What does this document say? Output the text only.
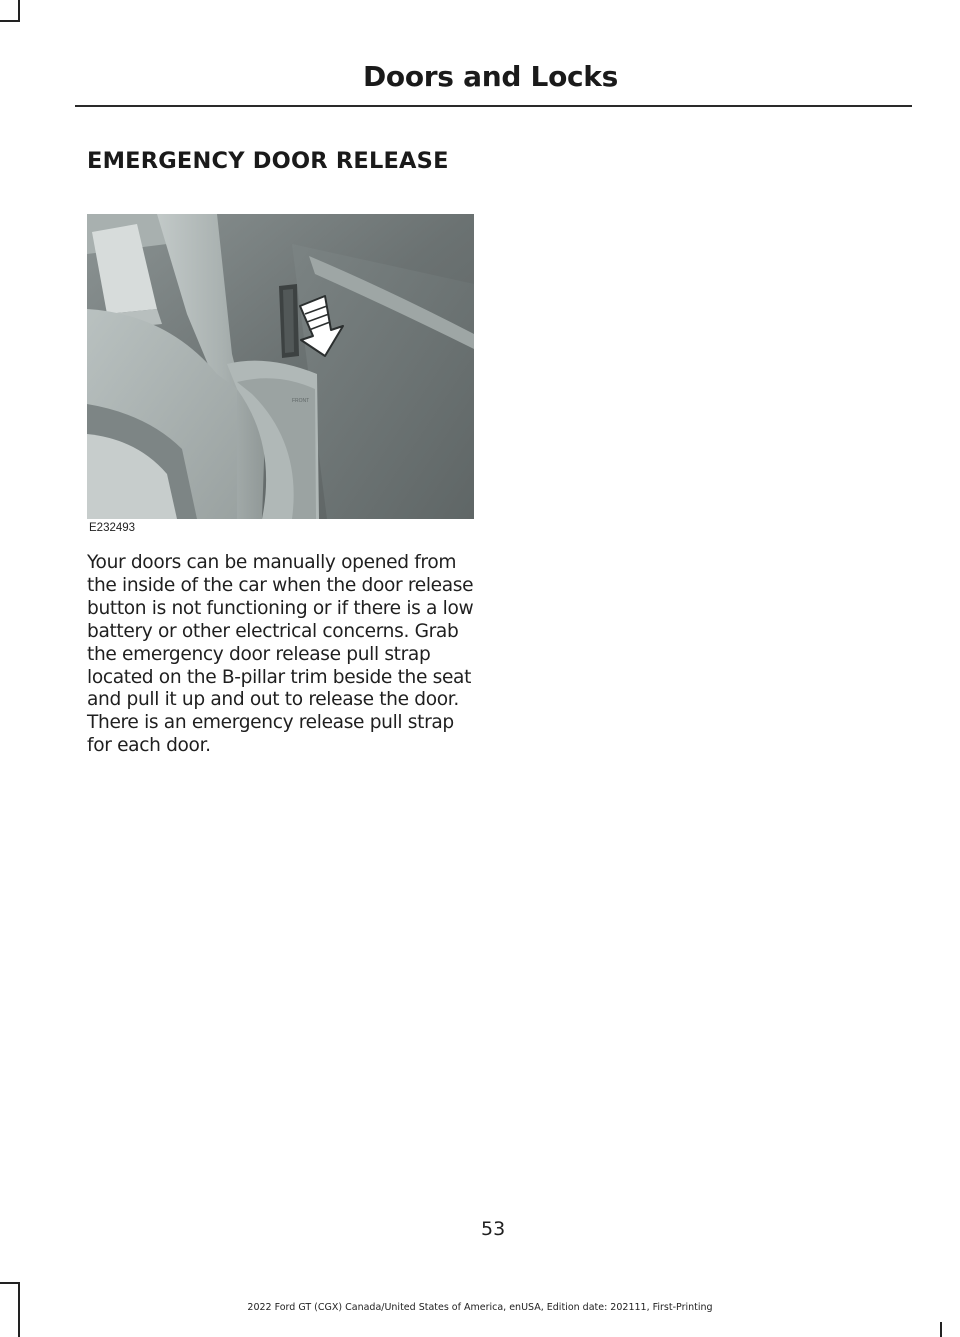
Doors and Locks
EMERGENCY DOOR RELEASE
FRONT
E232493
Your doors can be manually opened from the inside of the car when the door release button is not functioning or if there is a low battery or other electrical concerns. Grab the emergency door release pull strap located on the B-pillar trim beside the seat and pull it up and out to release the door. There is an emergency release pull strap for each door.
53
2022 Ford GT (CGX) Canada/United States of America, enUSA, Edition date: 202111, First-Printing
